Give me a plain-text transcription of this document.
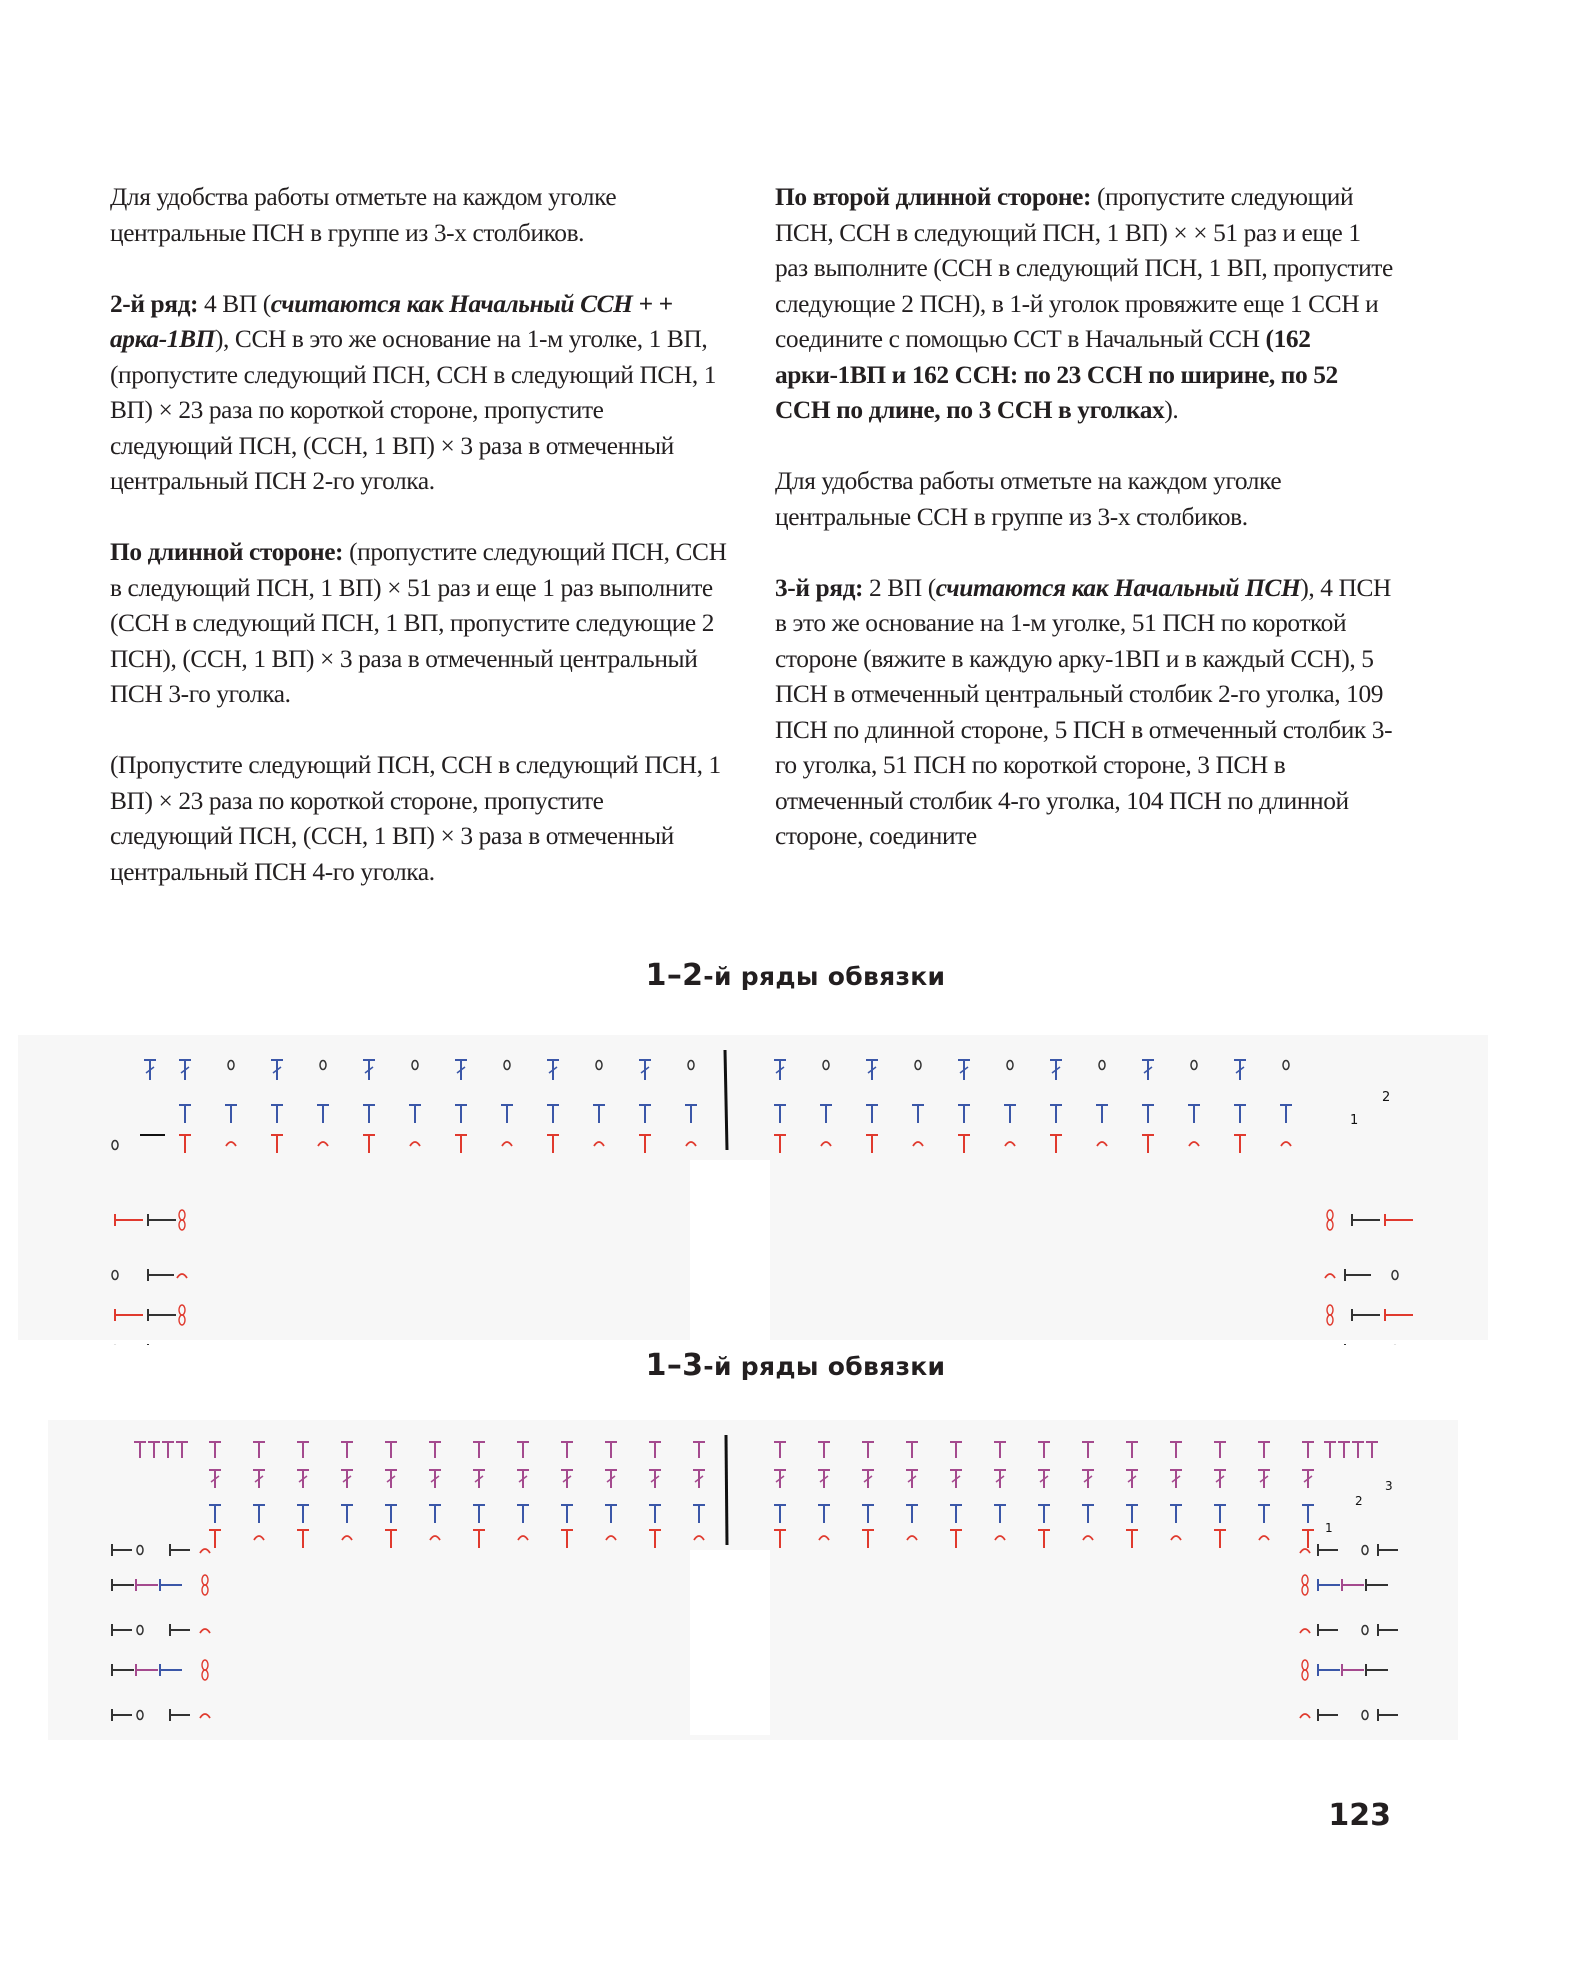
Для удобства работы отметьте на каждом уголке центральные ПСН в группе из 3-х столбиков.

2-й ряд: 4 ВП (считаются как Начальный ССН + + арка-1ВП), ССН в это же основание на 1-м уголке, 1 ВП, (пропустите следующий ПСН, ССН в следующий ПСН, 1 ВП) × 23 раза по короткой стороне, пропустите следующий ПСН, (ССН, 1 ВП) × 3 раза в отмеченный центральный ПСН 2-го уголка.

По длинной стороне: (пропустите следующий ПСН, ССН в следующий ПСН, 1 ВП) × 51 раз и еще 1 раз выполните (ССН в следующий ПСН, 1 ВП, пропустите следующие 2 ПСН), (ССН, 1 ВП) × 3 раза в отмеченный центральный ПСН 3-го уголка.

(Пропустите следующий ПСН, ССН в следующий ПСН, 1 ВП) × 23 раза по короткой стороне, пропустите следующий ПСН, (ССН, 1 ВП) × 3 раза в отмеченный центральный ПСН 4-го уголка.

По второй длинной стороне: (пропустите следующий ПСН, ССН в следующий ПСН, 1 ВП) × × 51 раз и еще 1 раз выполните (ССН в следующий ПСН, 1 ВП, пропустите следующие 2 ПСН), в 1-й уголок провяжите еще 1 ССН и соедините с помощью ССТ в Начальный ССН (162 арки-1ВП и 162 ССН: по 23 ССН по ширине, по 52 ССН по длине, по 3 ССН в уголках).

Для удобства работы отметьте на каждом уголке центральные ССН в группе из 3-х столбиков.

3-й ряд: 2 ВП (считаются как Начальный ПСН), 4 ПСН в это же основание на 1-м уголке, 51 ПСН по короткой стороне (вяжите в каждую арку-1ВП и в каждый ССН), 5 ПСН в отмеченный центральный столбик 2-го уголка, 109 ПСН по длинной стороне, 5 ПСН в отмеченный столбик 3-го уголка, 51 ПСН по короткой стороне, 3 ПСН в отмеченный столбик 4-го уголка, 104 ПСН по длинной стороне, соедините

1–2-й ряды обвязки
2
1
1–3-й ряды обвязки
3
2
1
123
